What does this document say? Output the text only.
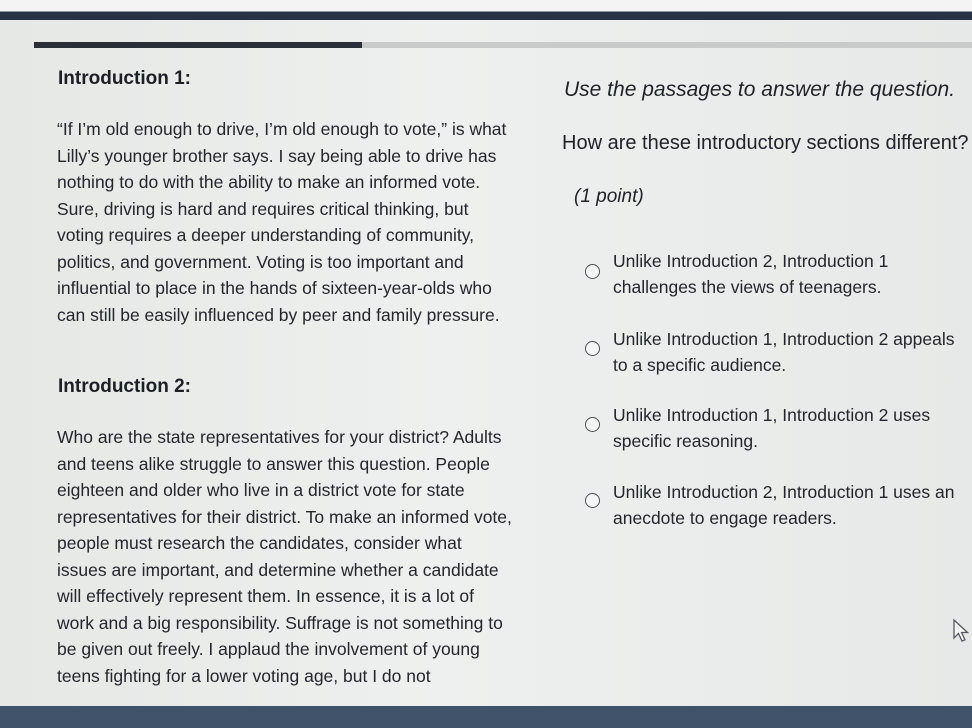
Introduction 1:

“If I’m old enough to drive, I’m old enough to vote,” is what Lilly’s younger brother says. I say being able to drive has nothing to do with the ability to make an informed vote. Sure, driving is hard and requires critical thinking, but voting requires a deeper understanding of community, politics, and government. Voting is too important and influential to place in the hands of sixteen-year-olds who can still be easily influenced by peer and family pressure.

Introduction 2:

Who are the state representatives for your district? Adults and teens alike struggle to answer this question. People eighteen and older who live in a district vote for state representatives for their district. To make an informed vote, people must research the candidates, consider what issues are important, and determine whether a candidate will effectively represent them. In essence, it is a lot of work and a big responsibility. Suffrage is not something to be given out freely. I applaud the involvement of young teens fighting for a lower voting age, but I do not

Use the passages to answer the question.
How are these introductory sections different?
(1 point)
Unlike Introduction 2, Introduction 1 challenges the views of teenagers.
Unlike Introduction 1, Introduction 2 appeals to a specific audience.
Unlike Introduction 1, Introduction 2 uses specific reasoning.
Unlike Introduction 2, Introduction 1 uses an anecdote to engage readers.
